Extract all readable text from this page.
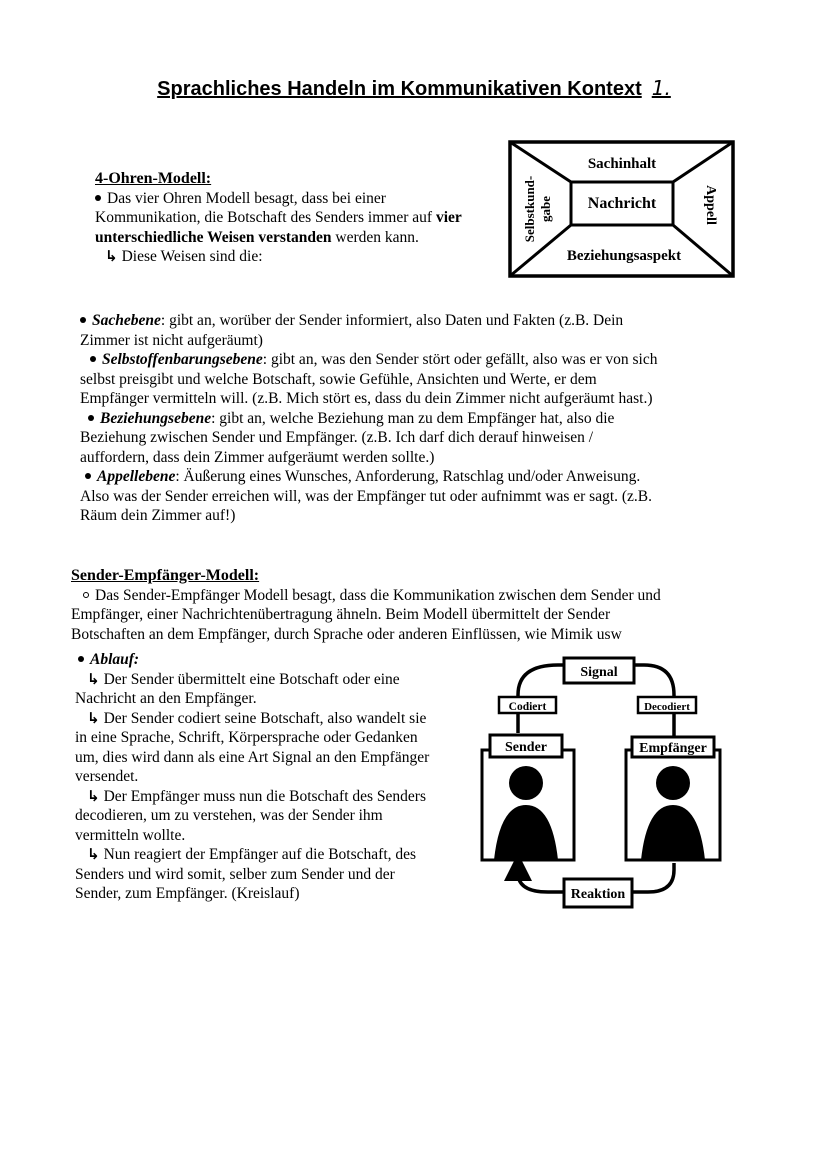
Sprachliches Handeln im Kommunikativen Kontext 1.
4-Ohren-Modell:
Das vier Ohren Modell besagt, dass bei einer
Kommunikation, die Botschaft des Senders immer auf vier
unterschiedliche Weisen verstanden werden kann.
↳ Diese Weisen sind die:
Nachricht
Sachinhalt
Beziehungsaspekt
Selbstkund- gabe	Appell
Sachebene: gibt an, worüber der Sender informiert, also Daten und Fakten (z.B. Dein
Zimmer ist nicht aufgeräumt)
Selbstoffenbarungsebene: gibt an, was den Sender stört oder gefällt, also was er von sich
selbst preisgibt und welche Botschaft, sowie Gefühle, Ansichten und Werte, er dem
Empfänger vermitteln will. (z.B. Mich stört es, dass du dein Zimmer nicht aufgeräumt hast.)
Beziehungsebene: gibt an, welche Beziehung man zu dem Empfänger hat, also die
Beziehung zwischen Sender und Empfänger. (z.B. Ich darf dich derauf hinweisen /
auffordern, dass dein Zimmer aufgeräumt werden sollte.)
Appellebene: Äußerung eines Wunsches, Anforderung, Ratschlag und/oder Anweisung.
Also was der Sender erreichen will, was der Empfänger tut oder aufnimmt was er sagt. (z.B.
Räum dein Zimmer auf!)
Sender-Empfänger-Modell:
Das Sender-Empfänger Modell besagt, dass die Kommunikation zwischen dem Sender und
Empfänger, einer Nachrichtenübertragung ähneln. Beim Modell übermittelt der Sender
Botschaften an dem Empfänger, durch Sprache oder anderen Einflüssen, wie Mimik usw
Ablauf:
↳ Der Sender übermittelt eine Botschaft oder eine
Nachricht an den Empfänger.
↳ Der Sender codiert seine Botschaft, also wandelt sie
in eine Sprache, Schrift, Körpersprache oder Gedanken
um, dies wird dann als eine Art Signal an den Empfänger
versendet.
↳ Der Empfänger muss nun die Botschaft des Senders
decodieren, um zu verstehen, was der Sender ihm
vermitteln wollte.
↳ Nun reagiert der Empfänger auf die Botschaft, des
Senders und wird somit, selber zum Sender und der
Sender, zum Empfänger. (Kreislauf)
Signal
Codiert	Decodiert
Sender	Empfänger
Reaktion
